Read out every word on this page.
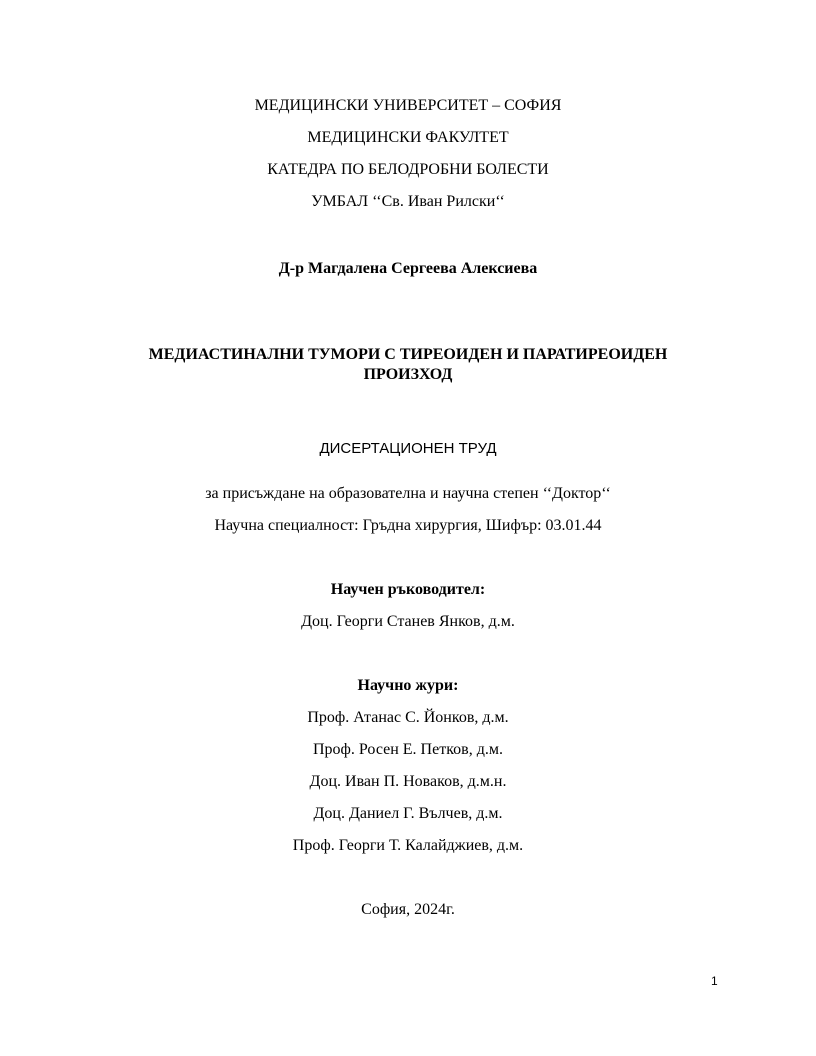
МЕДИЦИНСКИ УНИВЕРСИТЕТ – СОФИЯ
МЕДИЦИНСКИ ФАКУЛТЕТ
КАТЕДРА ПО БЕЛОДРОБНИ БОЛЕСТИ
УМБАЛ ‘‘Св. Иван Рилски‘‘
Д-р Магдалена Сергеева Алексиева
МЕДИАСТИНАЛНИ ТУМОРИ С ТИРЕОИДЕН И ПАРАТИРЕОИДЕН
ПРОИЗХОД
ДИСЕРТАЦИОНЕН ТРУД
за присъждане на образователна и научна степен ‘‘Доктор‘‘
Научна специалност: Гръдна хирургия, Шифър: 03.01.44
Научен ръководител:
Доц. Георги Станев Янков, д.м.
Научно жури:
Проф. Атанас С. Йонков, д.м.
Проф. Росен Е. Петков, д.м.
Доц. Иван П. Новаков, д.м.н.
Доц. Даниел Г. Вълчев, д.м.
Проф. Георги Т. Калайджиев, д.м.
София, 2024г.
1
